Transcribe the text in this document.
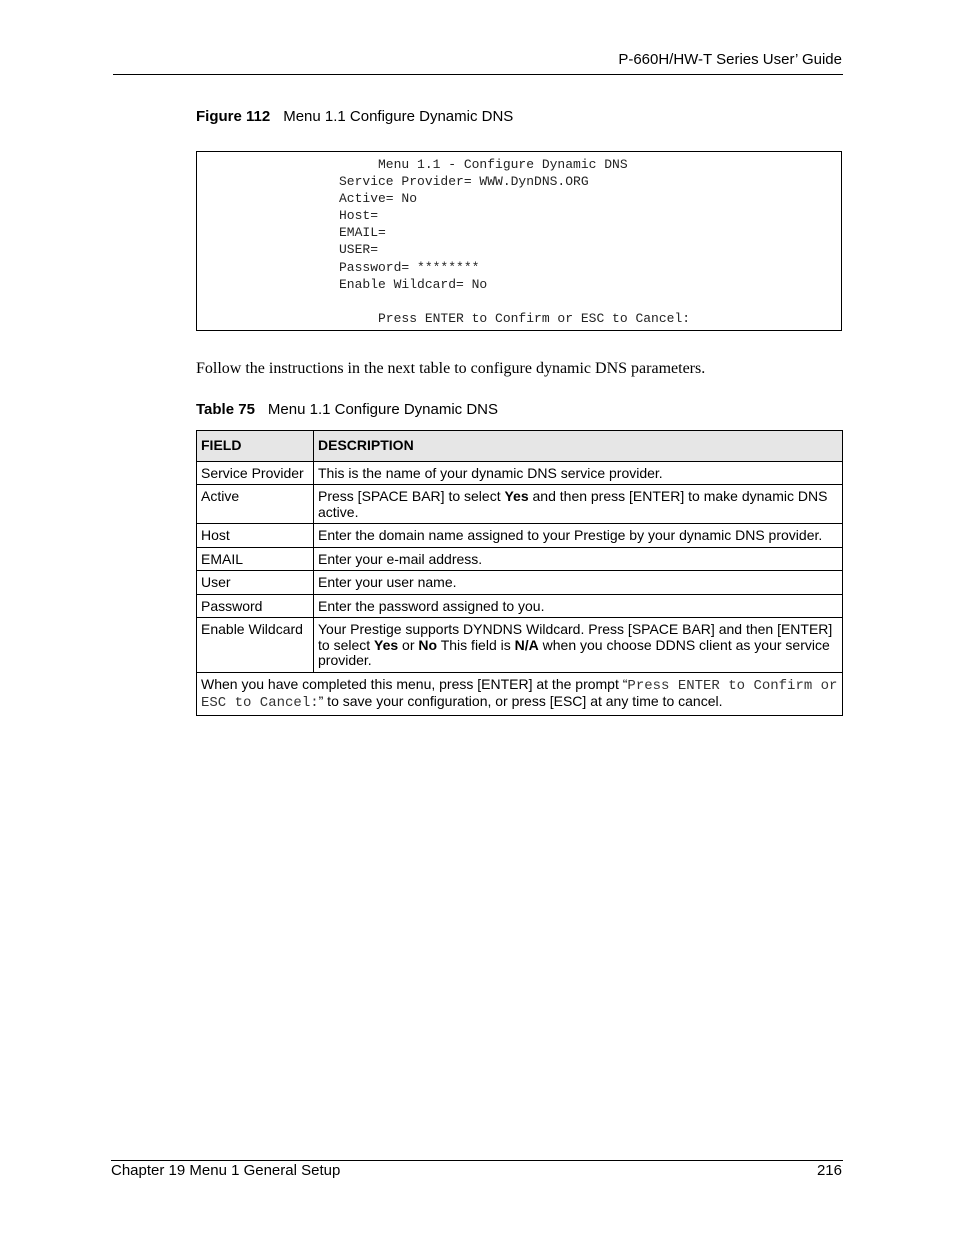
P-660H/HW-T Series User’ Guide
Figure 112 Menu 1.1 Configure Dynamic DNS
Menu 1.1 - Configure Dynamic DNS
Service Provider= WWW.DynDNS.ORG
Active= No
Host=
EMAIL=
USER=
Password= ********
Enable Wildcard= No

Press ENTER to Confirm or ESC to Cancel:

Follow the instructions in the next table to configure dynamic DNS parameters.
Table 75 Menu 1.1 Configure Dynamic DNS
FIELD	DESCRIPTION
Service Provider	This is the name of your dynamic DNS service provider.
Active	Press [SPACE BAR] to select Yes and then press [ENTER] to make dynamic DNS active.
Host	Enter the domain name assigned to your Prestige by your dynamic DNS provider.
EMAIL	Enter your e-mail address.
User	Enter your user name.
Password	Enter the password assigned to you.
Enable Wildcard	Your Prestige supports DYNDNS Wildcard. Press [SPACE BAR] and then [ENTER] to select Yes or No This field is N/A when you choose DDNS client as your service provider.
When you have completed this menu, press [ENTER] at the prompt “Press ENTER to Confirm or ESC to Cancel:” to save your configuration, or press [ESC] at any time to cancel.	
Chapter 19 Menu 1 General Setup	216
